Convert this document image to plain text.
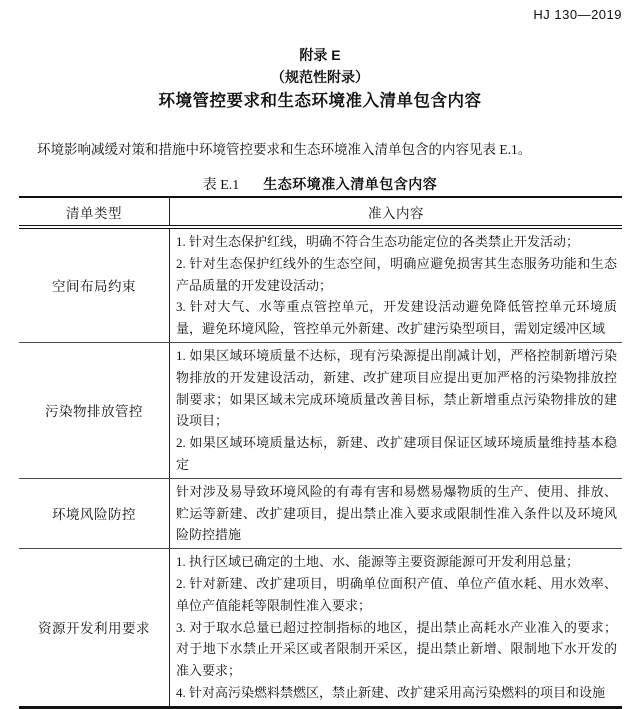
HJ 130—2019
附录 E
（规范性附录）
环境管控要求和生态环境准入清单包含内容

环境影响减缓对策和措施中环境管控要求和生态环境准入清单包含的内容见表 E.1。

表 E.1 生态环境准入清单包含内容
清单类型	准入内容
空间布局约束

1. 针对生态保护红线，明确不符合生态功能定位的各类禁止开发活动；

2. 针对生态保护红线外的生态空间，明确应避免损害其生态服务功能和生态产品质量的开发建设活动；

3. 针对大气、水等重点管控单元，开发建设活动避免降低管控单元环境质量，避免环境风险，管控单元外新建、改扩建污染型项目，需划定缓冲区域

污染物排放管控

1. 如果区域环境质量不达标，现有污染源提出削减计划，严格控制新增污染物排放的开发建设活动，新建、改扩建项目应提出更加严格的污染物排放控制要求；如果区域未完成环境质量改善目标，禁止新增重点污染物排放的建设项目；

2. 如果区域环境质量达标，新建、改扩建项目保证区域环境质量维持基本稳定

环境风险防控

针对涉及易导致环境风险的有毒有害和易燃易爆物质的生产、使用、排放、贮运等新建、改扩建项目，提出禁止准入要求或限制性准入条件以及环境风险防控措施

资源开发利用要求

1. 执行区域已确定的土地、水、能源等主要资源能源可开发利用总量；

2. 针对新建、改扩建项目，明确单位面积产值、单位产值水耗、用水效率、单位产值能耗等限制性准入要求；

3. 对于取水总量已超过控制指标的地区，提出禁止高耗水产业准入的要求；对于地下水禁止开采区或者限制开采区，提出禁止新增、限制地下水开发的准入要求；

4. 针对高污染燃料禁燃区，禁止新建、改扩建采用高污染燃料的项目和设施
